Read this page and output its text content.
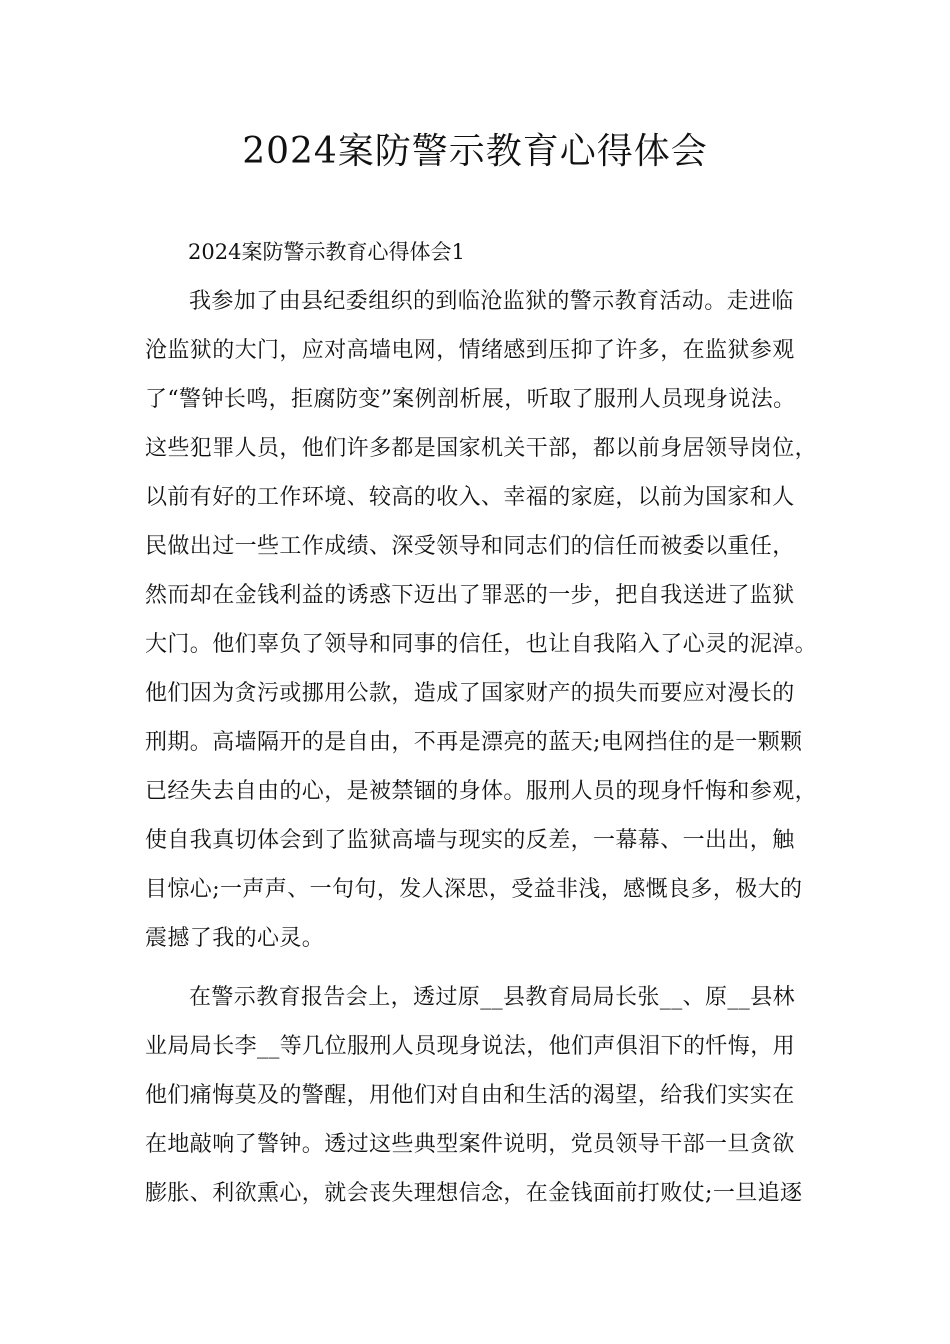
2024案防警示教育心得体会

2024案防警示教育心得体会1

我参加了由县纪委组织的到临沧监狱的警示教育活动。走进临

沧监狱的大门，应对高墙电网，情绪感到压抑了许多，在监狱参观

了“警钟长鸣，拒腐防变”案例剖析展，听取了服刑人员现身说法。

这些犯罪人员，他们许多都是国家机关干部，都以前身居领导岗位，

以前有好的工作环境、较高的收入、幸福的家庭，以前为国家和人

民做出过一些工作成绩、深受领导和同志们的信任而被委以重任，

然而却在金钱利益的诱惑下迈出了罪恶的一步，把自我送进了监狱

大门。他们辜负了领导和同事的信任，也让自我陷入了心灵的泥淖。

他们因为贪污或挪用公款，造成了国家财产的损失而要应对漫长的

刑期。高墙隔开的是自由，不再是漂亮的蓝天;电网挡住的是一颗颗

已经失去自由的心，是被禁锢的身体。服刑人员的现身忏悔和参观，

使自我真切体会到了监狱高墙与现实的反差，一幕幕、一出出，触

目惊心;一声声、一句句，发人深思，受益非浅，感慨良多，极大的

震撼了我的心灵。

在警示教育报告会上，透过原__县教育局局长张__、原__县林

业局局长李__等几位服刑人员现身说法，他们声俱泪下的忏悔，用

他们痛悔莫及的警醒，用他们对自由和生活的渴望，给我们实实在

在地敲响了警钟。透过这些典型案件说明，党员领导干部一旦贪欲

膨胀、利欲熏心，就会丧失理想信念，在金钱面前打败仗;一旦追逐
